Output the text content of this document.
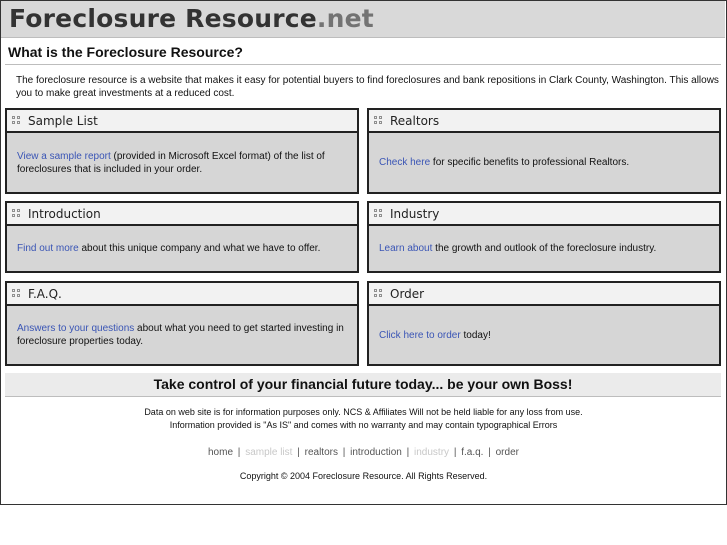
Foreclosure Resource.net
What is the Foreclosure Resource?

The foreclosure resource is a website that makes it easy for potential buyers to find foreclosures and bank repositions in Clark County, Washington. This allows you to make great investments at a reduced cost.

Sample List

View a sample report (provided in Microsoft Excel format) of the list of foreclosures that is included in your order.

Realtors

Check here for specific benefits to professional Realtors.

Introduction

Find out more about this unique company and what we have to offer.

Industry

Learn about the growth and outlook of the foreclosure industry.

F.A.Q.

Answers to your questions about what you need to get started investing in foreclosure properties today.

Order

Click here to order today!

Take control of your financial future today... be your own Boss!
Data on web site is for information purposes only. NCS & Affiliates Will not be held liable for any loss from use.
Information provided is "As IS" and comes with no warranty and may contain typographical Errors
home | sample list | realtors | introduction | industry | f.a.q. | order
Copyright © 2004 Foreclosure Resource. All Rights Reserved.
